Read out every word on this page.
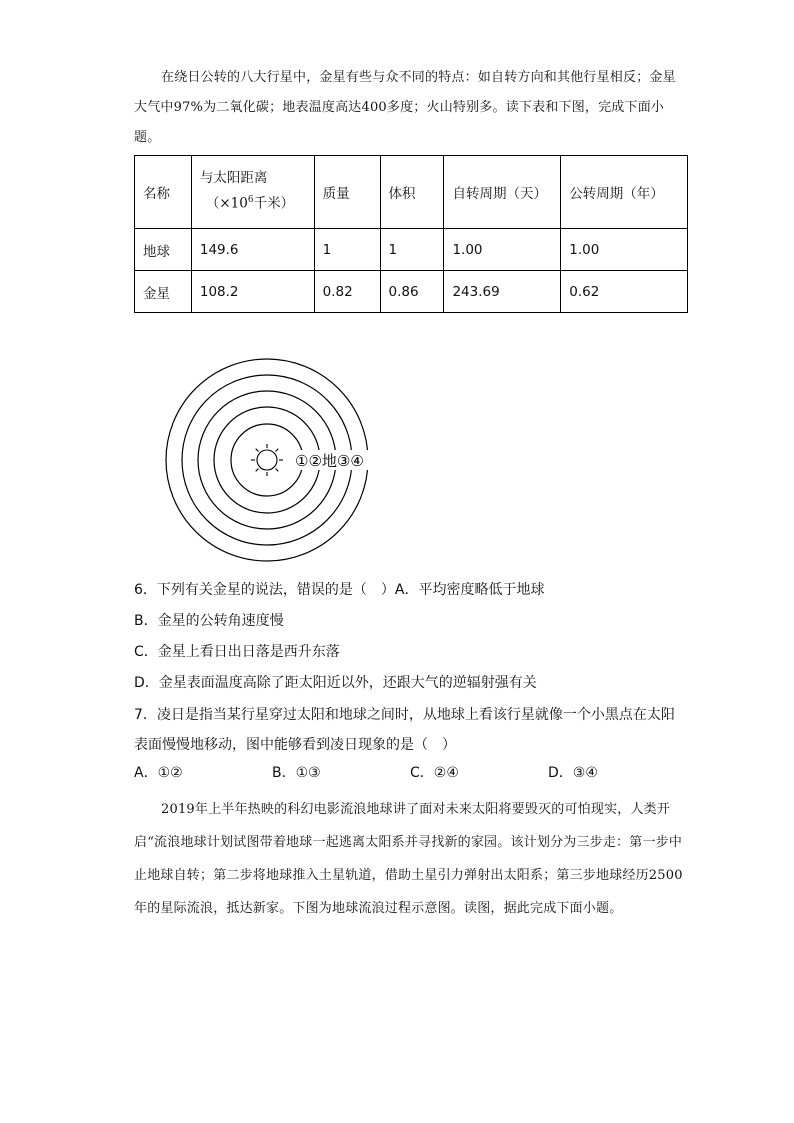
在绕日公转的八大行星中，金星有些与众不同的特点：如自转方向和其他行星相反；金星大气中97%为二氧化碳；地表温度高达400多度；火山特别多。读下表和下图，完成下面小题。

名称	与太阳距离
（$\times 10^6$千米）	质量	体积	自转周期（天）	公转周期（年）
地球	149.6	1	1	1.00	1.00
金星	108.2	0.82	0.86	243.69	0.62
①②地③④

6．下列有关金星的说法，错误的是（　）A．平均密度略低于地球

B．金星的公转角速度慢

C．金星上看日出日落是西升东落

D．金星表面温度高除了距太阳近以外，还跟大气的逆辐射强有关

7．凌日是指当某行星穿过太阳和地球之间时，从地球上看该行星就像一个小黑点在太阳表面慢慢地移动，图中能够看到凌日现象的是（　）

A．①②	B．①③	C．②④	D．③④

2019年上半年热映的科幻电影流浪地球讲了面对未来太阳将要毁灭的可怕现实，人类开启“流浪地球计划试图带着地球一起逃离太阳系并寻找新的家园。该计划分为三步走：第一步中止地球自转；第二步将地球推入土星轨道，借助土星引力弹射出太阳系；第三步地球经历2500年的星际流浪，抵达新家。下图为地球流浪过程示意图。读图，据此完成下面小题。
